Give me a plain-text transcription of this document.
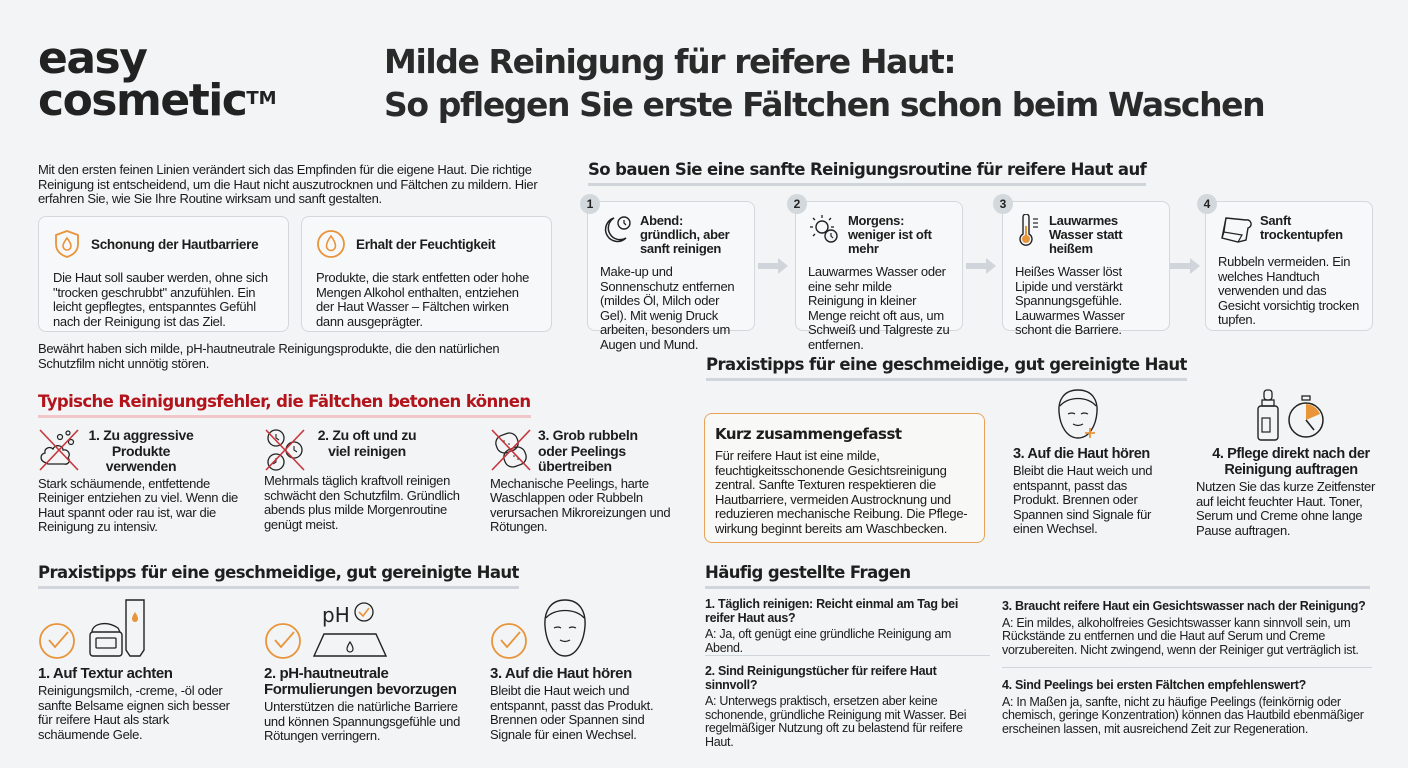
easy
cosmetic™
Milde Reinigung für reifere Haut:
So pflegen Sie erste Fältchen schon beim Waschen
Mit den ersten feinen Linien verändert sich das Empfinden für die eigene Haut. Die richtige Reinigung ist entscheidend, um die Haut nicht auszutrocknen und Fältchen zu mildern. Hier erfahren Sie, wie Sie Ihre Routine wirksam und sanft gestalten.
Schonung der Hautbarriere
Die Haut soll sauber werden, ohne sich "trocken geschrubbt" anzufühlen. Ein leicht gepflegtes, entspanntes Gefühl nach der Reinigung ist das Ziel.
Erhalt der Feuchtigkeit
Produkte, die stark entfetten oder hohe Mengen Alkohol enthalten, entziehen der Haut Wasser – Fältchen wirken dann ausgeprägter.
Bewährt haben sich milde, pH-hautneutrale Reinigungsprodukte, die den natürlichen Schutzfilm nicht unnötig stören.
So bauen Sie eine sanfte Reinigungsroutine für reifere Haut auf
Abend: gründlich, aber sanft reinigen
Make-up und Sonnenschutz entfernen (mildes Öl, Milch oder Gel). Mit wenig Druck arbeiten, besonders um Augen und Mund.
1
Morgens: weniger ist oft mehr
Lauwarmes Wasser oder eine sehr milde Reinigung in kleiner Menge reicht oft aus, um Schweiß und Talgreste zu entfernen.
2
Lauwarmes Wasser statt heißem
Heißes Wasser löst Lipide und verstärkt Spannungsgefühle. Lauwarmes Wasser schont die Barriere.
3
Sanft trockentupfen
Rubbeln vermeiden. Ein welches Handtuch verwenden und das Gesicht vorsichtig trocken tupfen.
4
Typische Reinigungsfehler, die Fältchen betonen können
1. Zu aggressive Produkte verwenden
Stark schäumende, entfettende Reiniger entziehen zu viel. Wenn die Haut spannt oder rau ist, war die Reinigung zu intensiv.
2. Zu oft und zu viel reinigen
Mehrmals täglich kraftvoll reinigen schwächt den Schutzfilm. Gründlich abends plus milde Morgenroutine genügt meist.
3. Grob rubbeln oder Peelings übertreiben
Mechanische Peelings, harte Waschlappen oder Rubbeln verursachen Mikroreizungen und Rötungen.
Praxistipps für eine geschmeidige, gut gereinigte Haut
1. Auf Textur achten
Reinigungsmilch, -creme, -öl oder sanfte Belsame eignen sich besser für reifere Haut als stark schäumende Gele.
pH
2. pH-hautneutrale Formulierungen bevorzugen
Unterstützen die natürliche Barriere und können Spannungsgefühle und Rötungen verringern.
3. Auf die Haut hören
Bleibt die Haut weich und entspannt, passt das Produkt. Brennen oder Spannen sind Signale für einen Wechsel.
Praxistipps für eine geschmeidige, gut gereinigte Haut
Kurz zusammengefasst
Für reifere Haut ist eine milde, feuchtigkeitsschonende Gesichtsreinigung zentral. Sanfte Texturen respektieren die Hautbarriere, vermeiden Austrocknung und reduzieren mechanische Reibung. Die Pflegewirkung beginnt bereits am Waschbecken.
3. Auf die Haut hören
Bleibt die Haut weich und entspannt, passt das Produkt. Brennen oder Spannen sind Signale für einen Wechsel.
4. Pflege direkt nach der Reinigung auftragen
Nutzen Sie das kurze Zeitfenster auf leicht feuchter Haut. Toner, Serum und Creme ohne lange Pause auftragen.
Häufig gestellte Fragen
1. Täglich reinigen: Reicht einmal am Tag bei reifer Haut aus?
A: Ja, oft genügt eine gründliche Reinigung am Abend.
2. Sind Reinigungstücher für reifere Haut sinnvoll?
A: Unterwegs praktisch, ersetzen aber keine schonende, gründliche Reinigung mit Wasser. Bei regelmäßiger Nutzung oft zu belastend für reifere Haut.
3. Braucht reifere Haut ein Gesichtswasser nach der Reinigung?
A: Ein mildes, alkoholfreies Gesichtswasser kann sinnvoll sein, um Rückstände zu entfernen und die Haut auf Serum und Creme vorzubereiten. Nicht zwingend, wenn der Reiniger gut verträglich ist.
4. Sind Peelings bei ersten Fältchen empfehlenswert?
A: In Maßen ja, sanfte, nicht zu häufige Peelings (feinkörnig oder chemisch, geringe Konzentration) können das Hautbild ebenmäßiger erscheinen lassen, mit ausreichend Zeit zur Regeneration.
